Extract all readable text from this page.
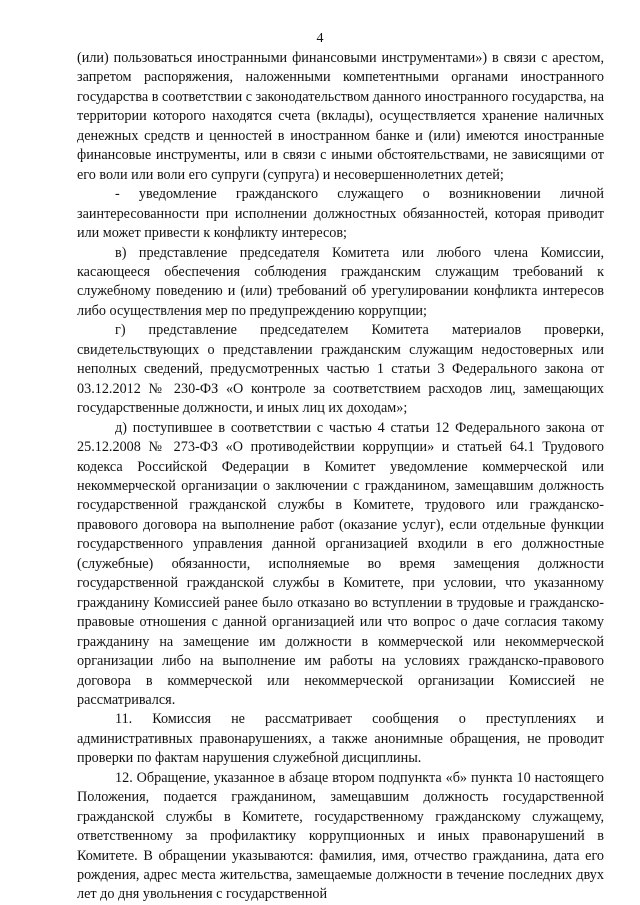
4

(или) пользоваться иностранными финансовыми инструментами») в связи с арестом, запретом распоряжения, наложенными компетентными органами иностранного государства в соответствии с законодательством данного иностранного государства, на территории которого находятся счета (вклады), осуществляется хранение наличных денежных средств и ценностей в иностранном банке и (или) имеются иностранные финансовые инструменты, или в связи с иными обстоятельствами, не зависящими от его воли или воли его супруги (супруга) и несовершеннолетних детей;

- уведомление гражданского служащего о возникновении личной заинтересованности при исполнении должностных обязанностей, которая приводит или может привести к конфликту интересов;

в) представление председателя Комитета или любого члена Комиссии, касающееся обеспечения соблюдения гражданским служащим требований к служебному поведению и (или) требований об урегулировании конфликта интересов либо осуществления мер по предупреждению коррупции;

г) представление председателем Комитета материалов проверки, свидетельствующих о представлении гражданским служащим недостоверных или неполных сведений, предусмотренных частью 1 статьи 3 Федерального закона от 03.12.2012 № 230-ФЗ «О контроле за соответствием расходов лиц, замещающих государственные должности, и иных лиц их доходам»;

д) поступившее в соответствии с частью 4 статьи 12 Федерального закона от 25.12.2008 № 273-ФЗ «О противодействии коррупции» и статьей 64.1 Трудового кодекса Российской Федерации в Комитет уведомление коммерческой или некоммерческой организации о заключении с гражданином, замещавшим должность государственной гражданской службы в Комитете, трудового или гражданско-правового договора на выполнение работ (оказание услуг), если отдельные функции государственного управления данной организацией входили в его должностные (служебные) обязанности, исполняемые во время замещения должности государственной гражданской службы в Комитете, при условии, что указанному гражданину Комиссией ранее было отказано во вступлении в трудовые и гражданско-правовые отношения с данной организацией или что вопрос о даче согласия такому гражданину на замещение им должности в коммерческой или некоммерческой организации либо на выполнение им работы на условиях гражданско-правового договора в коммерческой или некоммерческой организации Комиссией не рассматривался.

11. Комиссия не рассматривает сообщения о преступлениях и административных правонарушениях, а также анонимные обращения, не проводит проверки по фактам нарушения служебной дисциплины.

12. Обращение, указанное в абзаце втором подпункта «б» пункта 10 настоящего Положения, подается гражданином, замещавшим должность государственной гражданской службы в Комитете, государственному гражданскому служащему, ответственному за профилактику коррупционных и иных правонарушений в Комитете. В обращении указываются: фамилия, имя, отчество гражданина, дата его рождения, адрес места жительства, замещаемые должности в течение последних двух лет до дня увольнения с государственной
